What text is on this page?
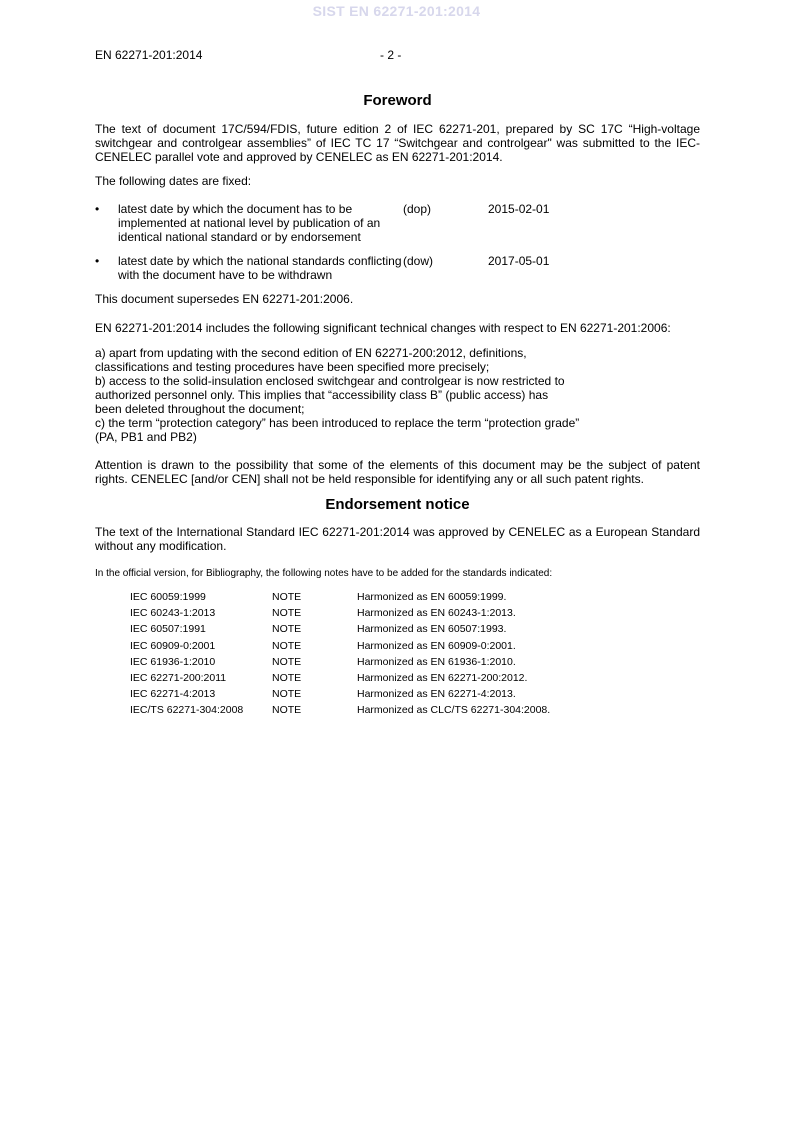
SIST EN 62271-201:2014
EN 62271-201:2014	- 2 -
Foreword

The text of document 17C/594/FDIS, future edition 2 of IEC 62271-201, prepared by SC 17C “High-voltage switchgear and controlgear assemblies” of IEC TC 17 “Switchgear and controlgear" was submitted to the IEC-CENELEC parallel vote and approved by CENELEC as EN 62271-201:2014.

The following dates are fixed:

• latest date by which the document has to be implemented at national level by publication of an identical national standard or by endorsement
(dop)	2015-02-01
• latest date by which the national standards conflicting with the document have to be withdrawn
(dow)	2017-05-01

This document supersedes EN 62271-201:2006.

EN 62271-201:2014 includes the following significant technical changes with respect to EN 62271-201:2006:

a) apart from updating with the second edition of EN 62271-200:2012, definitions,
classifications and testing procedures have been specified more precisely;
b) access to the solid-insulation enclosed switchgear and controlgear is now restricted to
authorized personnel only. This implies that “accessibility class B” (public access) has
been deleted throughout the document;
c) the term “protection category” has been introduced to replace the term “protection grade”
(PA, PB1 and PB2)

Attention is drawn to the possibility that some of the elements of this document may be the subject of patent rights. CENELEC [and/or CEN] shall not be held responsible for identifying any or all such patent rights.

Endorsement notice

The text of the International Standard IEC 62271-201:2014 was approved by CENELEC as a European Standard without any modification.

In the official version, for Bibliography, the following notes have to be added for the standards indicated:

IEC 60059:1999	NOTE	Harmonized as EN 60059:1999.
IEC 60243-1:2013	NOTE	Harmonized as EN 60243-1:2013.
IEC 60507:1991	NOTE	Harmonized as EN 60507:1993.
IEC 60909-0:2001	NOTE	Harmonized as EN 60909-0:2001.
IEC 61936-1:2010	NOTE	Harmonized as EN 61936-1:2010.
IEC 62271-200:2011	NOTE	Harmonized as EN 62271-200:2012.
IEC 62271-4:2013	NOTE	Harmonized as EN 62271-4:2013.
IEC/TS 62271-304:2008	NOTE	Harmonized as CLC/TS 62271-304:2008.
